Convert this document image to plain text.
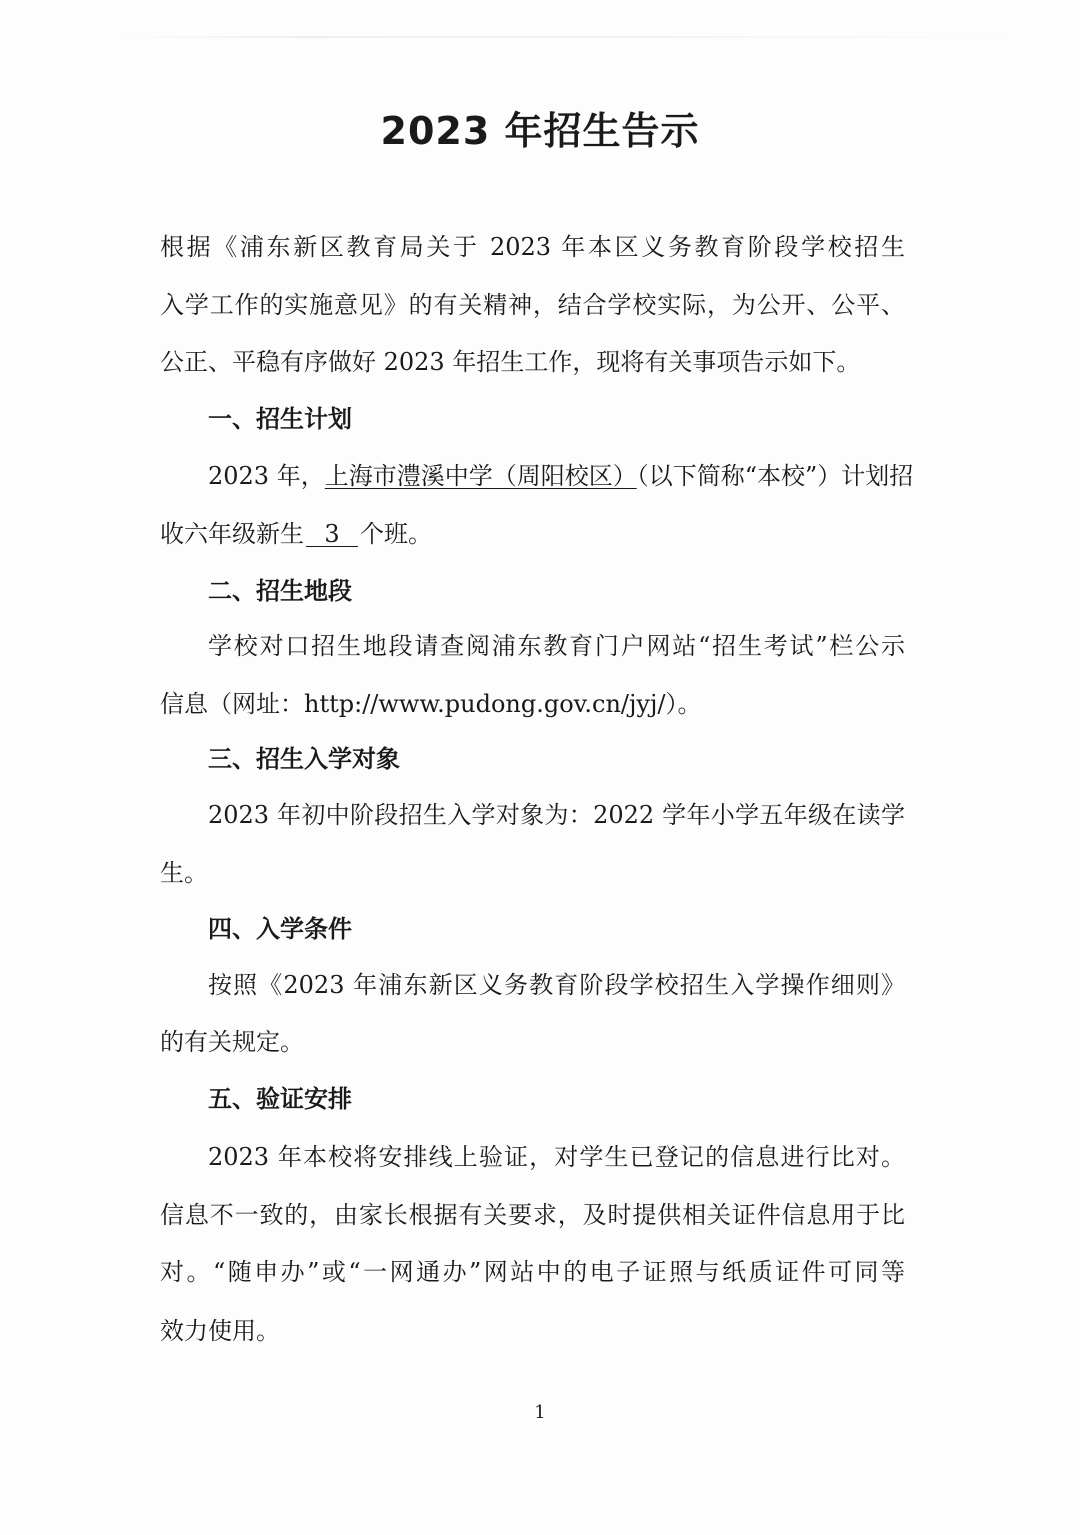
2023 年招生告示

根据《浦东新区教育局关于 2023 年本区义务教育阶段学校招生

入学工作的实施意见》的有关精神，结合学校实际，为公开、公平、

公正、平稳有序做好 2023 年招生工作，现将有关事项告示如下。

一、招生计划

2023 年，上海市澧溪中学（周阳校区）（以下简称“本校”）计划招

收六年级新生 3 个班。

二、招生地段

学校对口招生地段请查阅浦东教育门户网站“招生考试”栏公示

信息（网址：http://www.pudong.gov.cn/jyj/）。

三、招生入学对象

2023 年初中阶段招生入学对象为：2022 学年小学五年级在读学

生。

四、入学条件

按照《2023 年浦东新区义务教育阶段学校招生入学操作细则》

的有关规定。

五、验证安排

2023 年本校将安排线上验证，对学生已登记的信息进行比对。

信息不一致的，由家长根据有关要求，及时提供相关证件信息用于比

对。“随申办”或“一网通办”网站中的电子证照与纸质证件可同等

效力使用。

1
